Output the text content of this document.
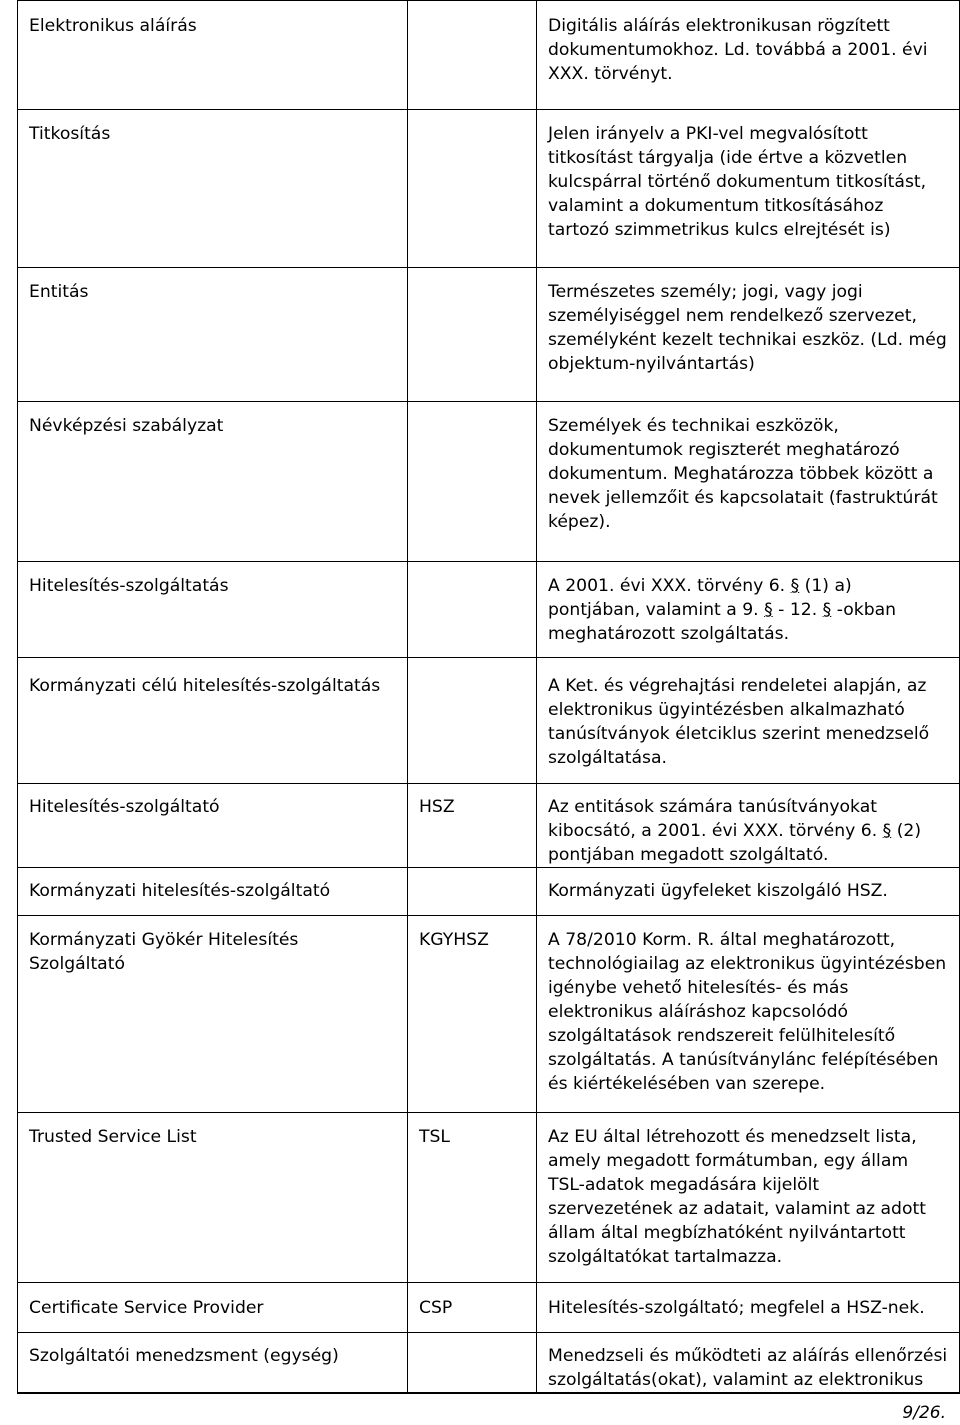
Elektronikus aláírás		Digitális aláírás elektronikusan rögzített dokumentumokhoz. Ld. továbbá a 2001. évi XXX. törvényt.
Titkosítás		Jelen irányelv a PKI-vel megvalósított titkosítást tárgyalja (ide értve a közvetlen kulcspárral történő dokumentum titkosítást, valamint a dokumentum titkosításához tartozó szimmetrikus kulcs elrejtését is)
Entitás		Természetes személy; jogi, vagy jogi személyiséggel nem rendelkező szervezet, személyként kezelt technikai eszköz. (Ld. még objektum-nyilvántartás)
Névképzési szabályzat		Személyek és technikai eszközök, dokumentumok regiszterét meghatározó dokumentum. Meghatározza többek között a nevek jellemzőit és kapcsolatait (fastruktúrát képez).
Hitelesítés-szolgáltatás		A 2001. évi XXX. törvény 6. § (1) a) pontjában, valamint a 9. § - 12. § -okban meghatározott szolgáltatás.
Kormányzati célú hitelesítés-szolgáltatás		A Ket. és végrehajtási rendeletei alapján, az elektronikus ügyintézésben alkalmazható tanúsítványok életciklus szerint menedzselő szolgáltatása.
Hitelesítés-szolgáltató	HSZ	Az entitások számára tanúsítványokat kibocsátó, a 2001. évi XXX. törvény 6. § (2) pontjában megadott szolgáltató.
Kormányzati hitelesítés-szolgáltató		Kormányzati ügyfeleket kiszolgáló HSZ.
Kormányzati Gyökér Hitelesítés Szolgáltató	KGYHSZ	A 78/2010 Korm. R. által meghatározott, technológiailag az elektronikus ügyintézésben igénybe vehető hitelesítés- és más elektronikus aláíráshoz kapcsolódó szolgáltatások rendszereit felülhitelesítő szolgáltatás. A tanúsítványlánc felépítésében és kiértékelésében van szerepe.
Trusted Service List	TSL	Az EU által létrehozott és menedzselt lista, amely megadott formátumban, egy állam TSL-adatok megadására kijelölt szervezetének az adatait, valamint az adott állam által megbízhatóként nyilvántartott szolgáltatókat tartalmazza.
Certificate Service Provider	CSP	Hitelesítés-szolgáltató; megfelel a HSZ-nek.
Szolgáltatói menedzsment (egység)		Menedzseli és működteti az aláírás ellenőrzési szolgáltatás(okat), valamint az elektronikus
9/26.
